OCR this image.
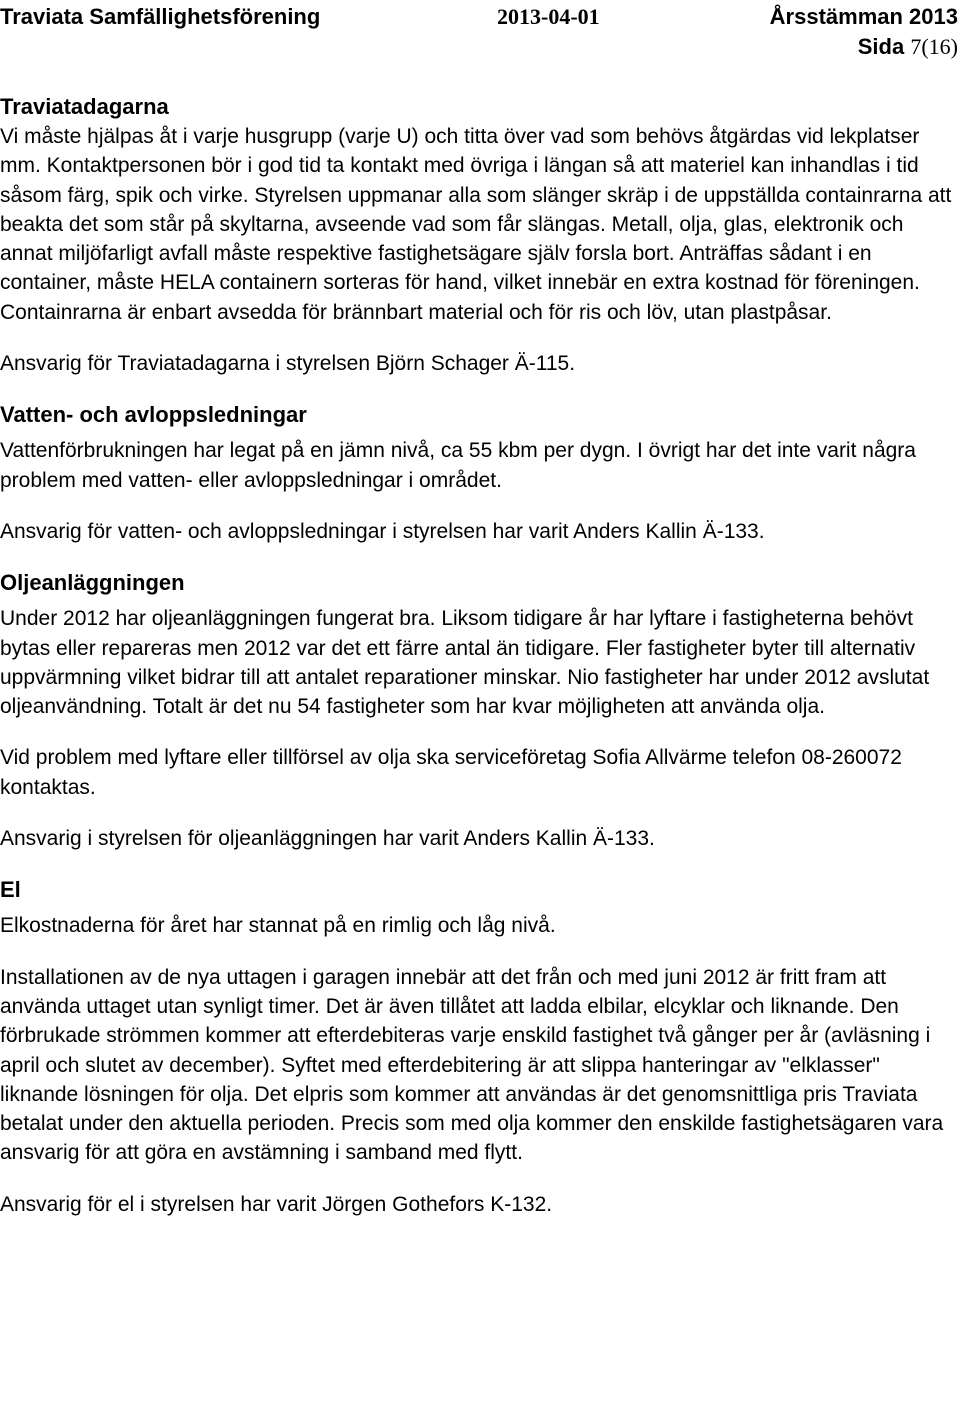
Traviata Samfällighetsförening	2013-04-01	Årsstämman 2013
Sida 7(16)
Traviatadagarna

Vi måste hjälpas åt i varje husgrupp (varje U) och titta över vad som behövs åtgärdas vid lekplatser mm. Kontaktpersonen bör i god tid ta kontakt med övriga i längan så att materiel kan inhandlas i tid såsom färg, spik och virke. Styrelsen uppmanar alla som slänger skräp i de uppställda containrarna att beakta det som står på skyltarna, avseende vad som får slängas. Metall, olja, glas, elektronik och annat miljöfarligt avfall måste respektive fastighetsägare själv forsla bort. Anträffas sådant i en container, måste HELA containern sorteras för hand, vilket innebär en extra kostnad för föreningen. Containrarna är enbart avsedda för brännbart material och för ris och löv, utan plastpåsar.

Ansvarig för Traviatadagarna i styrelsen Björn Schager Ä-115.

Vatten- och avloppsledningar

Vattenförbrukningen har legat på en jämn nivå, ca 55 kbm per dygn. I övrigt har det inte varit några problem med vatten- eller avloppsledningar i området.

Ansvarig för vatten- och avloppsledningar i styrelsen har varit Anders Kallin Ä-133.

Oljeanläggningen

Under 2012 har oljeanläggningen fungerat bra. Liksom tidigare år har lyftare i fastigheterna behövt bytas eller repareras men 2012 var det ett färre antal än tidigare. Fler fastigheter byter till alternativ uppvärmning vilket bidrar till att antalet reparationer minskar. Nio fastigheter har under 2012 avslutat oljeanvändning. Totalt är det nu 54 fastigheter som har kvar möjligheten att använda olja.

Vid problem med lyftare eller tillförsel av olja ska serviceföretag Sofia Allvärme telefon 08-260072 kontaktas.

Ansvarig i styrelsen för oljeanläggningen har varit Anders Kallin Ä-133.

El

Elkostnaderna för året har stannat på en rimlig och låg nivå.

Installationen av de nya uttagen i garagen innebär att det från och med juni 2012 är fritt fram att använda uttaget utan synligt timer. Det är även tillåtet att ladda elbilar, elcyklar och liknande. Den förbrukade strömmen kommer att efterdebiteras varje enskild fastighet två gånger per år (avläsning i april och slutet av december). Syftet med efterdebitering är att slippa hanteringar av "elklasser" liknande lösningen för olja. Det elpris som kommer att användas är det genomsnittliga pris Traviata betalat under den aktuella perioden. Precis som med olja kommer den enskilde fastighetsägaren vara ansvarig för att göra en avstämning i samband med flytt.

Ansvarig för el i styrelsen har varit Jörgen Gothefors K-132.
